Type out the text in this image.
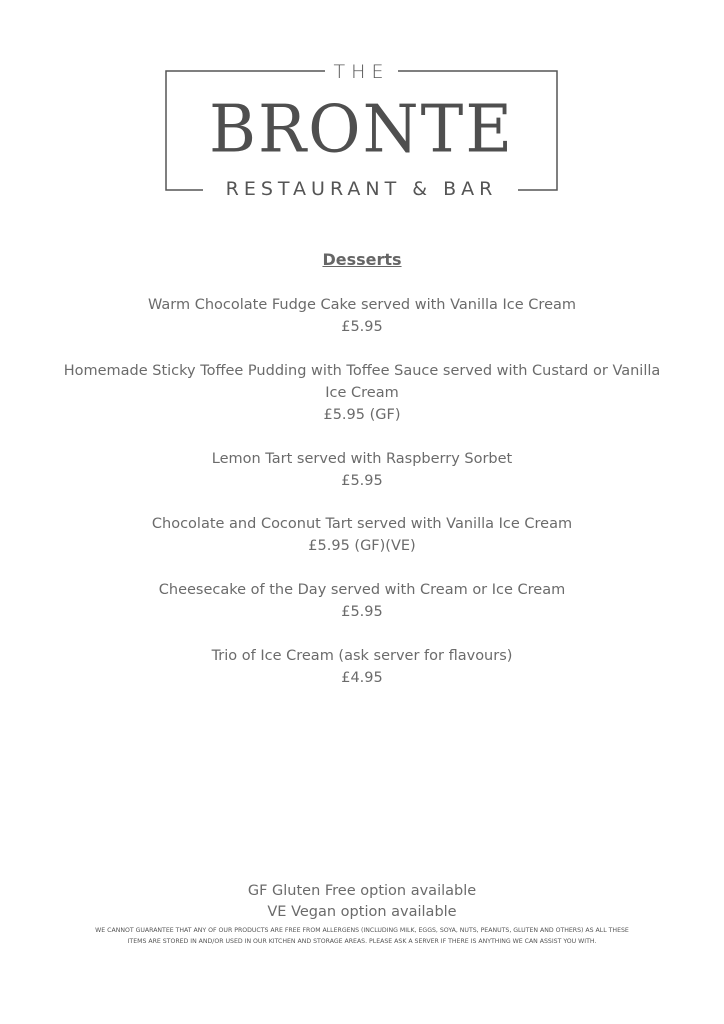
THE
BRONTE
RESTAURANT & BAR
Desserts
Warm Chocolate Fudge Cake served with Vanilla Ice Cream
£5.95
Homemade Sticky Toffee Pudding with Toffee Sauce served with Custard or Vanilla Ice Cream
£5.95 (GF)
Lemon Tart served with Raspberry Sorbet
£5.95
Chocolate and Coconut Tart served with Vanilla Ice Cream
£5.95 (GF)(VE)
Cheesecake of the Day served with Cream or Ice Cream
£5.95
Trio of Ice Cream (ask server for flavours)
£4.95
GF Gluten Free option available
VE Vegan option available
WE CANNOT GUARANTEE THAT ANY OF OUR PRODUCTS ARE FREE FROM ALLERGENS (INCLUDING MILK, EGGS, SOYA, NUTS, PEANUTS, GLUTEN AND OTHERS) AS ALL THESE ITEMS ARE STORED IN AND/OR USED IN OUR KITCHEN AND STORAGE AREAS. PLEASE ASK A SERVER IF THERE IS ANYTHING WE CAN ASSIST YOU WITH.
